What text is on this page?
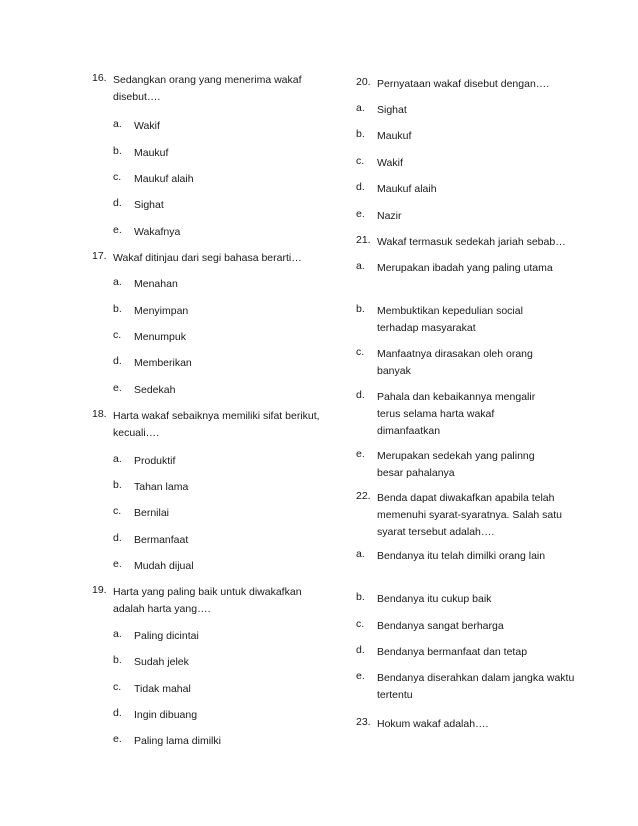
16. Sedangkan orang yang menerima wakaf disebut….
a. Wakif
b. Maukuf
c. Maukuf alaih
d. Sighat
e. Wakafnya
17. Wakaf ditinjau dari segi bahasa berarti…
a. Menahan
b. Menyimpan
c. Menumpuk
d. Memberikan
e. Sedekah
18. Harta wakaf sebaiknya memiliki sifat berikut, kecuali….
a. Produktif
b. Tahan lama
c. Bernilai
d. Bermanfaat
e. Mudah dijual
19. Harta yang paling baik untuk diwakafkan adalah harta yang….
a. Paling dicintai
b. Sudah jelek
c. Tidak mahal
d. Ingin dibuang
e. Paling lama dimilki
20. Pernyataan wakaf disebut dengan….
a. Sighat
b. Maukuf
c. Wakif
d. Maukuf alaih
e. Nazir
21. Wakaf termasuk sedekah jariah sebab…
a. Merupakan ibadah yang paling utama
b. Membuktikan kepedulian social terhadap masyarakat
c. Manfaatnya dirasakan oleh orang banyak
d. Pahala dan kebaikannya mengalir terus selama harta wakaf dimanfaatkan
e. Merupakan sedekah yang palinng besar pahalanya
22. Benda dapat diwakafkan apabila telah memenuhi syarat-syaratnya. Salah satu syarat tersebut adalah….
a. Bendanya itu telah dimilki orang lain
b. Bendanya itu cukup baik
c. Bendanya sangat berharga
d. Bendanya bermanfaat dan tetap
e. Bendanya diserahkan dalam jangka waktu tertentu
23. Hokum wakaf adalah….
